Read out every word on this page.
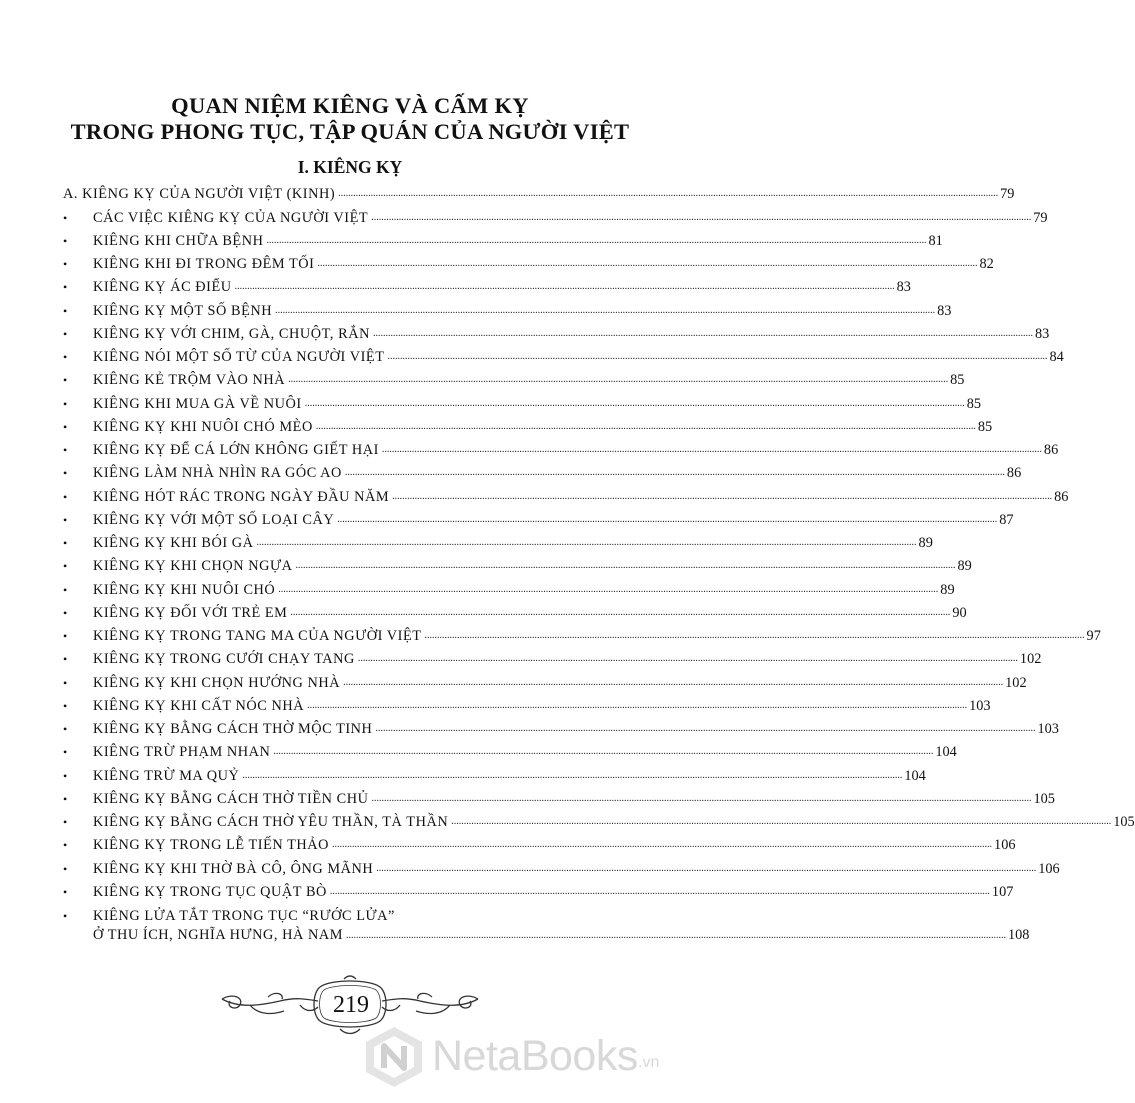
QUAN NIỆM KIÊNG VÀ CẤM KỴ
TRONG PHONG TỤC, TẬP QUÁN CỦA NGƯỜI VIỆT
I. KIÊNG KỴ
A. KIÊNG KỴ CỦA NGƯỜI VIỆT (KINH) .....	79
•	CÁC VIỆC KIÊNG KỴ CỦA NGƯỜI VIỆT .....	79
•	KIÊNG KHI CHỮA BỆNH .....	81
•	KIÊNG KHI ĐI TRONG ĐÊM TỐI .....	82
•	KIÊNG KỴ ÁC ĐIỂU .....	83
•	KIÊNG KỴ MỘT SỐ BỆNH .....	83
•	KIÊNG KỴ VỚI CHIM, GÀ, CHUỘT, RẮN .....	83
•	KIÊNG NÓI MỘT SỐ TỪ CỦA NGƯỜI VIỆT .....	84
•	KIÊNG KẺ TRỘM VÀO NHÀ .....	85
•	KIÊNG KHI MUA GÀ VỀ NUÔI .....	85
•	KIÊNG KỴ KHI NUÔI CHÓ MÈO .....	85
•	KIÊNG KỴ ĐỂ CÁ LỚN KHÔNG GIẾT HẠI .....	86
•	KIÊNG LÀM NHÀ NHÌN RA GÓC AO .....	86
•	KIÊNG HÓT RÁC TRONG NGÀY ĐẦU NĂM .....	86
•	KIÊNG KỴ VỚI MỘT SỐ LOẠI CÂY .....	87
•	KIÊNG KỴ KHI BÓI GÀ .....	89
•	KIÊNG KỴ KHI CHỌN NGỰA .....	89
•	KIÊNG KỴ KHI NUÔI CHÓ .....	89
•	KIÊNG KỴ ĐỐI VỚI TRẺ EM .....	90
•	KIÊNG KỴ TRONG TANG MA CỦA NGƯỜI VIỆT .....	97
•	KIÊNG KỴ TRONG CƯỚI CHẠY TANG .....	102
•	KIÊNG KỴ KHI CHỌN HƯỚNG NHÀ .....	102
•	KIÊNG KỴ KHI CẤT NÓC NHÀ .....	103
•	KIÊNG KỴ BẰNG CÁCH THỜ MỘC TINH .....	103
•	KIÊNG TRỪ PHẠM NHAN .....	104
•	KIÊNG TRỪ MA QUỶ .....	104
•	KIÊNG KỴ BẰNG CÁCH THỜ TIỀN CHỦ .....	105
•	KIÊNG KỴ BẰNG CÁCH THỜ YÊU THẦN, TÀ THẦN .....	105
•	KIÊNG KỴ TRONG LỄ TIẾN THẢO .....	106
•	KIÊNG KỴ KHI THỜ BÀ CÔ, ÔNG MÃNH .....	106
•	KIÊNG KỴ TRONG TỤC QUẬT BÒ .....	107
•	KIÊNG LỬA TẮT TRONG TỤC “RƯỚC LỬA”
Ở THU ÍCH, NGHĨA HƯNG, HÀ NAM .....	108
219
NetaBooks .vn
